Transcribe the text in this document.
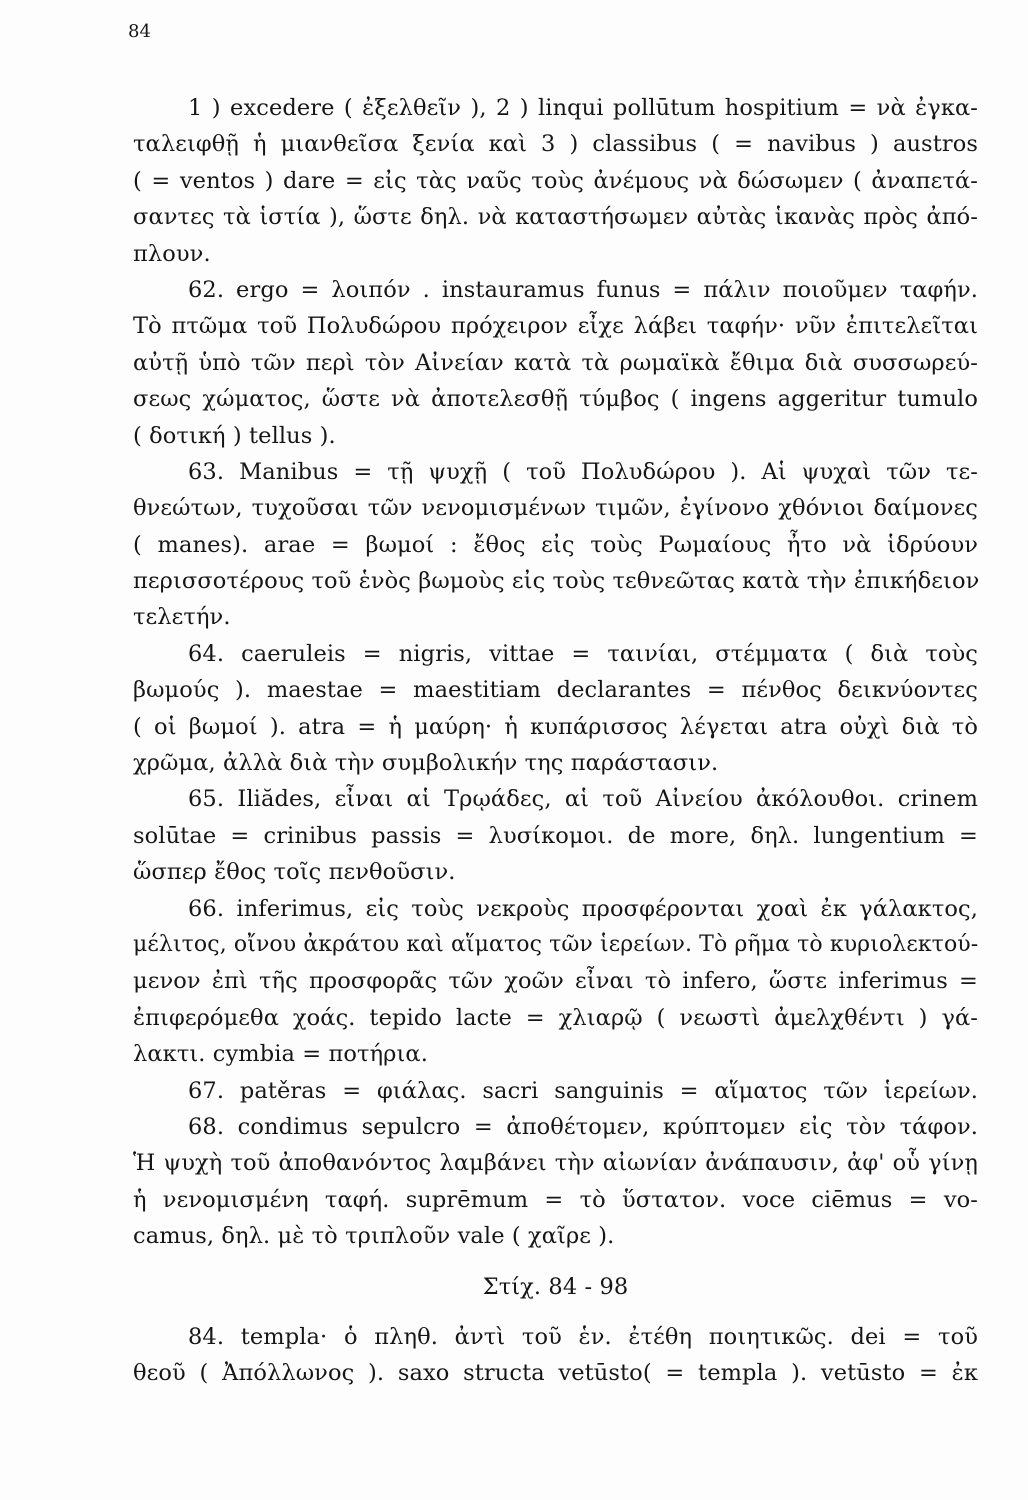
84
1 ) excedere ( ἐξελθεῖν ), 2 ) linqui pollūtum hospitium = νὰ ἐγκα-
ταλειφθῇ ἡ μιανθεῖσα ξενία καὶ 3 ) classibus ( = navibus ) austros
( = ventos ) dare = εἰς τὰς ναῦς τοὺς ἀνέμους νὰ δώσωμεν ( ἀναπετά-
σαντες τὰ ἱστία ), ὥστε δηλ. νὰ καταστήσωμεν αὐτὰς ἱκανὰς πρὸς ἀπό-
πλουν.
62. ergo = λοιπόν . instauramus funus = πάλιν ποιοῦμεν ταφήν.
Τὸ πτῶμα τοῦ Πολυδώρου πρόχειρον εἶχε λάβει ταφήν· νῦν ἐπιτελεῖται
αὐτῇ ὑπὸ τῶν περὶ τὸν Αἰνείαν κατὰ τὰ ρωμαϊκὰ ἔθιμα διὰ συσσωρεύ-
σεως χώματος, ὥστε νὰ ἀποτελεσθῇ τύμβος ( ingens aggeritur tumulo
( δοτική ) tellus ).
63. Manibus = τῇ ψυχῇ ( τοῦ Πολυδώρου ). Αἱ ψυχαὶ τῶν τε-
θνεώτων, τυχοῦσαι τῶν νενομισμένων τιμῶν, ἐγίνονο χθόνιοι δαίμονες
( manes). arae = βωμοί : ἔθος εἰς τοὺς Ρωμαίους ἦτο νὰ ἱδρύουν
περισσοτέρους τοῦ ἑνὸς βωμοὺς εἰς τοὺς τεθνεῶτας κατὰ τὴν ἐπικήδειον
τελετήν.
64. caeruleis = nigris, vittae = ταινίαι, στέμματα ( διὰ τοὺς
βωμούς ). maestae = maestitiam declarantes = πένθος δεικνύοντες
( οἱ βωμοί ). atra = ἡ μαύρη· ἡ κυπάρισσος λέγεται atra οὐχὶ διὰ τὸ
χρῶμα, ἀλλὰ διὰ τὴν συμβολικήν της παράστασιν.
65. Iliădes, εἶναι αἱ Τρῳάδες, αἱ τοῦ Αἰνείου ἀκόλουθοι. crinem
solūtae = crinibus passis = λυσίκομοι. de more, δηλ. lungentium =
ὥσπερ ἔθος τοῖς πενθοῦσιν.
66. inferimus, εἰς τοὺς νεκροὺς προσφέρονται χοαὶ ἐκ γάλακτος,
μέλιτος, οἴνου ἀκράτου καὶ αἵματος τῶν ἱερείων. Τὸ ρῆμα τὸ κυριολεκτού-
μενον ἐπὶ τῆς προσφορᾶς τῶν χοῶν εἶναι τὸ infero, ὥστε inferimus =
ἐπιφερόμεθα χοάς. tepido lacte = χλιαρῷ ( νεωστὶ ἀμελχθέντι ) γά-
λακτι. cymbia = ποτήρια.
67. patěras = φιάλας. sacri sanguinis = αἵματος τῶν ἱερείων.
68. condimus sepulcro = ἀποθέτομεν, κρύπτομεν εἰς τὸν τάφον.
Ἡ ψυχὴ τοῦ ἀποθανόντος λαμβάνει τὴν αἰωνίαν ἀνάπαυσιν, ἀφ' οὗ γίνῃ
ἡ νενομισμένη ταφή. suprēmum = τὸ ὕστατον. voce ciēmus = vo-
camus, δηλ. μὲ τὸ τριπλοῦν vale ( χαῖρε ).
Στίχ. 84 - 98
84. templa· ὁ πληθ. ἀντὶ τοῦ ἑν. ἐτέθη ποιητικῶς. dei = τοῦ
θεοῦ ( Ἀπόλλωνος ). saxo structa vetūsto( = templa ). vetūsto = ἐκ
